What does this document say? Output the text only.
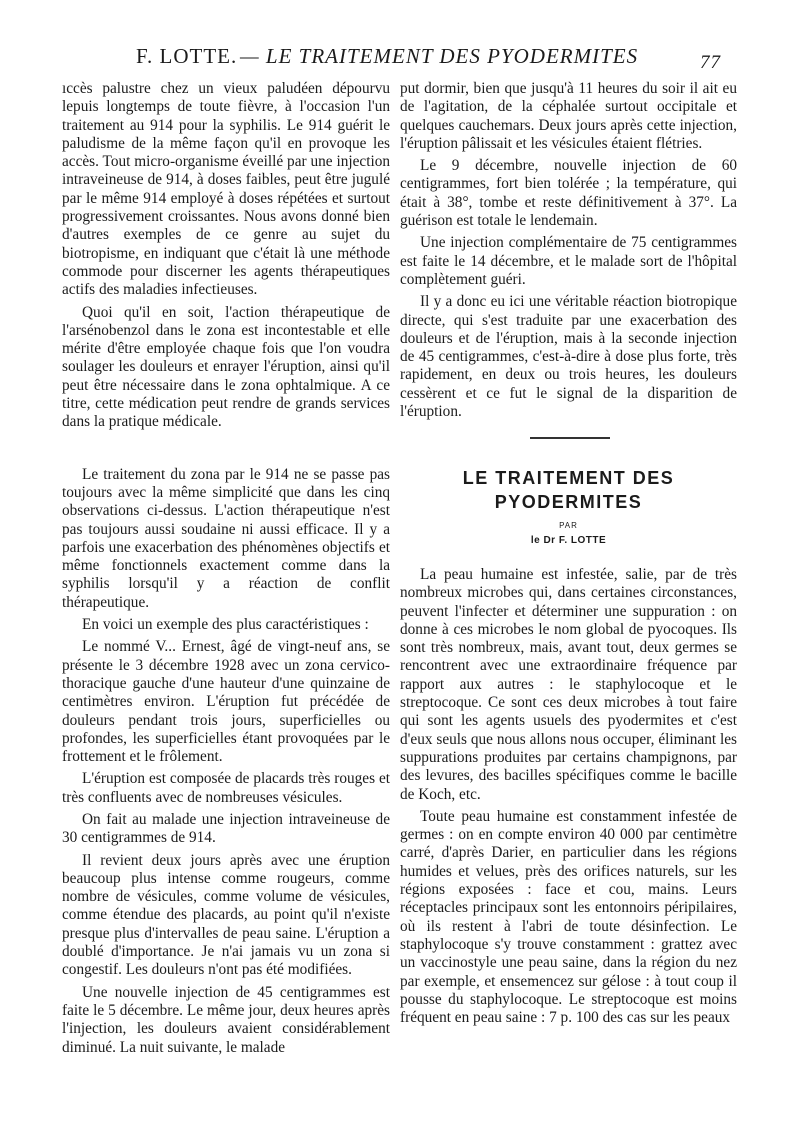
F. LOTTE. — LE TRAITEMENT DES PYODERMITES	77

ıccès palustre chez un vieux paludéen dépourvu lepuis longtemps de toute fièvre, à l'occasion l'un traitement au 914 pour la syphilis. Le 914 guérit le paludisme de la même façon qu'il en provoque les accès. Tout micro-organisme éveillé par une injection intraveineuse de 914, à doses faibles, peut être jugulé par le même 914 employé à doses répétées et surtout progressivement croissantes. Nous avons donné bien d'autres exemples de ce genre au sujet du biotropisme, en indiquant que c'était là une méthode commode pour discerner les agents thérapeutiques actifs des maladies infectieuses.

Quoi qu'il en soit, l'action thérapeutique de l'arsénobenzol dans le zona est incontestable et elle mérite d'être employée chaque fois que l'on voudra soulager les douleurs et enrayer l'éruption, ainsi qu'il peut être nécessaire dans le zona ophtalmique. A ce titre, cette médication peut rendre de grands services dans la pratique médicale.

Le traitement du zona par le 914 ne se passe pas toujours avec la même simplicité que dans les cinq observations ci-dessus. L'action thérapeutique n'est pas toujours aussi soudaine ni aussi efficace. Il y a parfois une exacerbation des phénomènes objectifs et même fonctionnels exactement comme dans la syphilis lorsqu'il y a réaction de conflit thérapeutique.

En voici un exemple des plus caractéristiques :

Le nommé V... Ernest, âgé de vingt-neuf ans, se présente le 3 décembre 1928 avec un zona cervico-thoracique gauche d'une hauteur d'une quinzaine de centimètres environ. L'éruption fut précédée de douleurs pendant trois jours, superficielles ou profondes, les superficielles étant provoquées par le frottement et le frôlement.

L'éruption est composée de placards très rouges et très confluents avec de nombreuses vésicules.

On fait au malade une injection intraveineuse de 30 centigrammes de 914.

Il revient deux jours après avec une éruption beaucoup plus intense comme rougeurs, comme nombre de vésicules, comme volume de vésicules, comme étendue des placards, au point qu'il n'existe presque plus d'intervalles de peau saine. L'éruption a doublé d'importance. Je n'ai jamais vu un zona si congestif. Les douleurs n'ont pas été modifiées.

Une nouvelle injection de 45 centigrammes est faite le 5 décembre. Le même jour, deux heures après l'injection, les douleurs avaient considérablement diminué. La nuit suivante, le malade

put dormir, bien que jusqu'à 11 heures du soir il ait eu de l'agitation, de la céphalée surtout occipitale et quelques cauchemars. Deux jours après cette injection, l'éruption pâlissait et les vésicules étaient flétries.

Le 9 décembre, nouvelle injection de 60 centigrammes, fort bien tolérée ; la température, qui était à 38°, tombe et reste définitivement à 37°. La guérison est totale le lendemain.

Une injection complémentaire de 75 centigrammes est faite le 14 décembre, et le malade sort de l'hôpital complètement guéri.

Il y a donc eu ici une véritable réaction biotropique directe, qui s'est traduite par une exacerbation des douleurs et de l'éruption, mais à la seconde injection de 45 centigrammes, c'est-à-dire à dose plus forte, très rapidement, en deux ou trois heures, les douleurs cessèrent et ce fut le signal de la disparition de l'éruption.

LE TRAITEMENT DES
PYODERMITES
PAR
le Dr F. LOTTE

La peau humaine est infestée, salie, par de très nombreux microbes qui, dans certaines circonstances, peuvent l'infecter et déterminer une suppuration : on donne à ces microbes le nom global de pyocoques. Ils sont très nombreux, mais, avant tout, deux germes se rencontrent avec une extraordinaire fréquence par rapport aux autres : le staphylocoque et le streptocoque. Ce sont ces deux microbes à tout faire qui sont les agents usuels des pyodermites et c'est d'eux seuls que nous allons nous occuper, éliminant les suppurations produites par certains champignons, par des levures, des bacilles spécifiques comme le bacille de Koch, etc.

Toute peau humaine est constamment infestée de germes : on en compte environ 40 000 par centimètre carré, d'après Darier, en particulier dans les régions humides et velues, près des orifices naturels, sur les régions exposées : face et cou, mains. Leurs réceptacles principaux sont les entonnoirs péripilaires, où ils restent à l'abri de toute désinfection. Le staphylocoque s'y trouve constamment : grattez avec un vaccinostyle une peau saine, dans la région du nez par exemple, et ensemencez sur gélose : à tout coup il pousse du staphylocoque. Le streptocoque est moins fréquent en peau saine : 7 p. 100 des cas sur les peaux
